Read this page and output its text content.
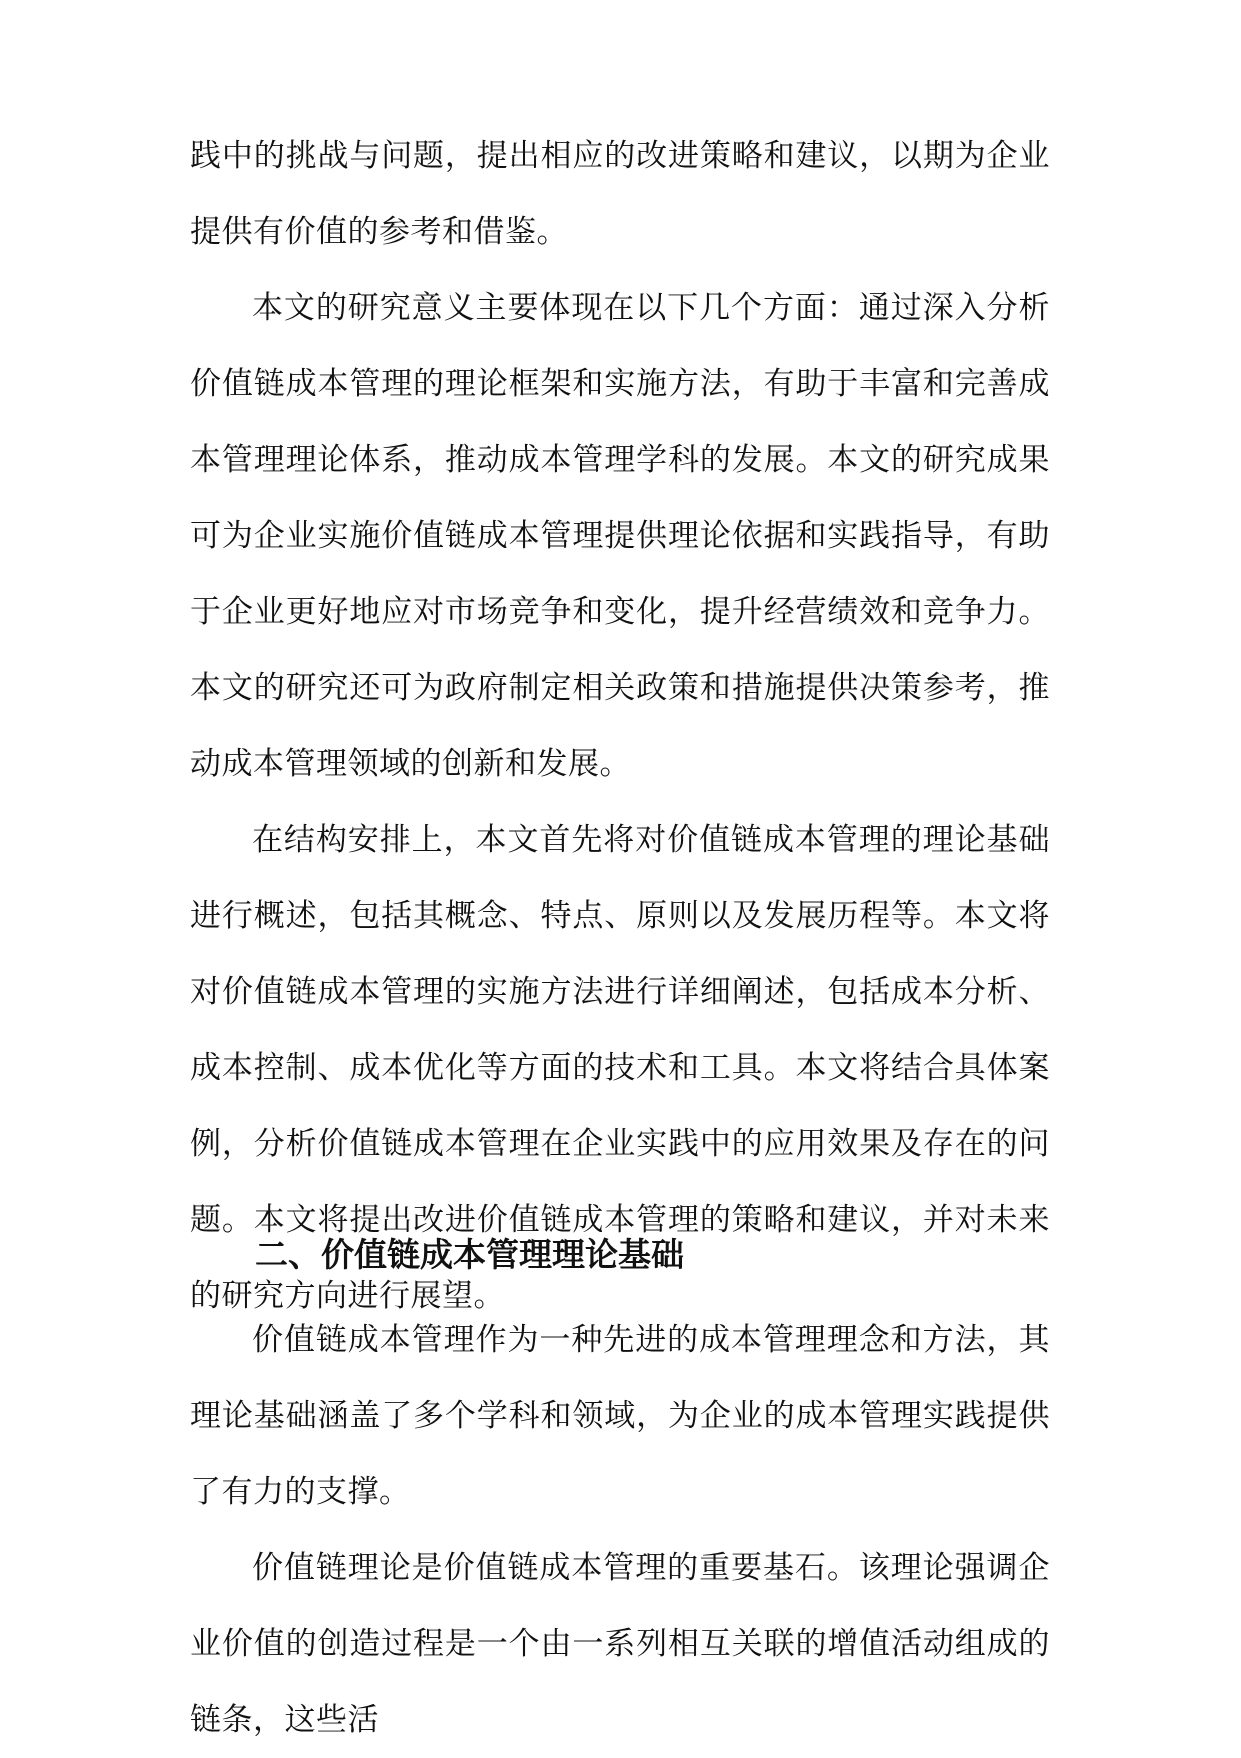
践中的挑战与问题，提出相应的改进策略和建议，以期为企业提供有价值的参考和借鉴。

本文的研究意义主要体现在以下几个方面：通过深入分析价值链成本管理的理论框架和实施方法，有助于丰富和完善成本管理理论体系，推动成本管理学科的发展。本文的研究成果可为企业实施价值链成本管理提供理论依据和实践指导，有助于企业更好地应对市场竞争和变化，提升经营绩效和竞争力。本文的研究还可为政府制定相关政策和措施提供决策参考，推动成本管理领域的创新和发展。

在结构安排上，本文首先将对价值链成本管理的理论基础进行概述，包括其概念、特点、原则以及发展历程等。本文将对价值链成本管理的实施方法进行详细阐述，包括成本分析、成本控制、成本优化等方面的技术和工具。本文将结合具体案例，分析价值链成本管理在企业实践中的应用效果及存在的问题。本文将提出改进价值链成本管理的策略和建议，并对未来的研究方向进行展望。

二、价值链成本管理理论基础

价值链成本管理作为一种先进的成本管理理念和方法，其理论基础涵盖了多个学科和领域，为企业的成本管理实践提供了有力的支撑。

价值链理论是价值链成本管理的重要基石。该理论强调企业价值的创造过程是一个由一系列相互关联的增值活动组成的链条，这些活
